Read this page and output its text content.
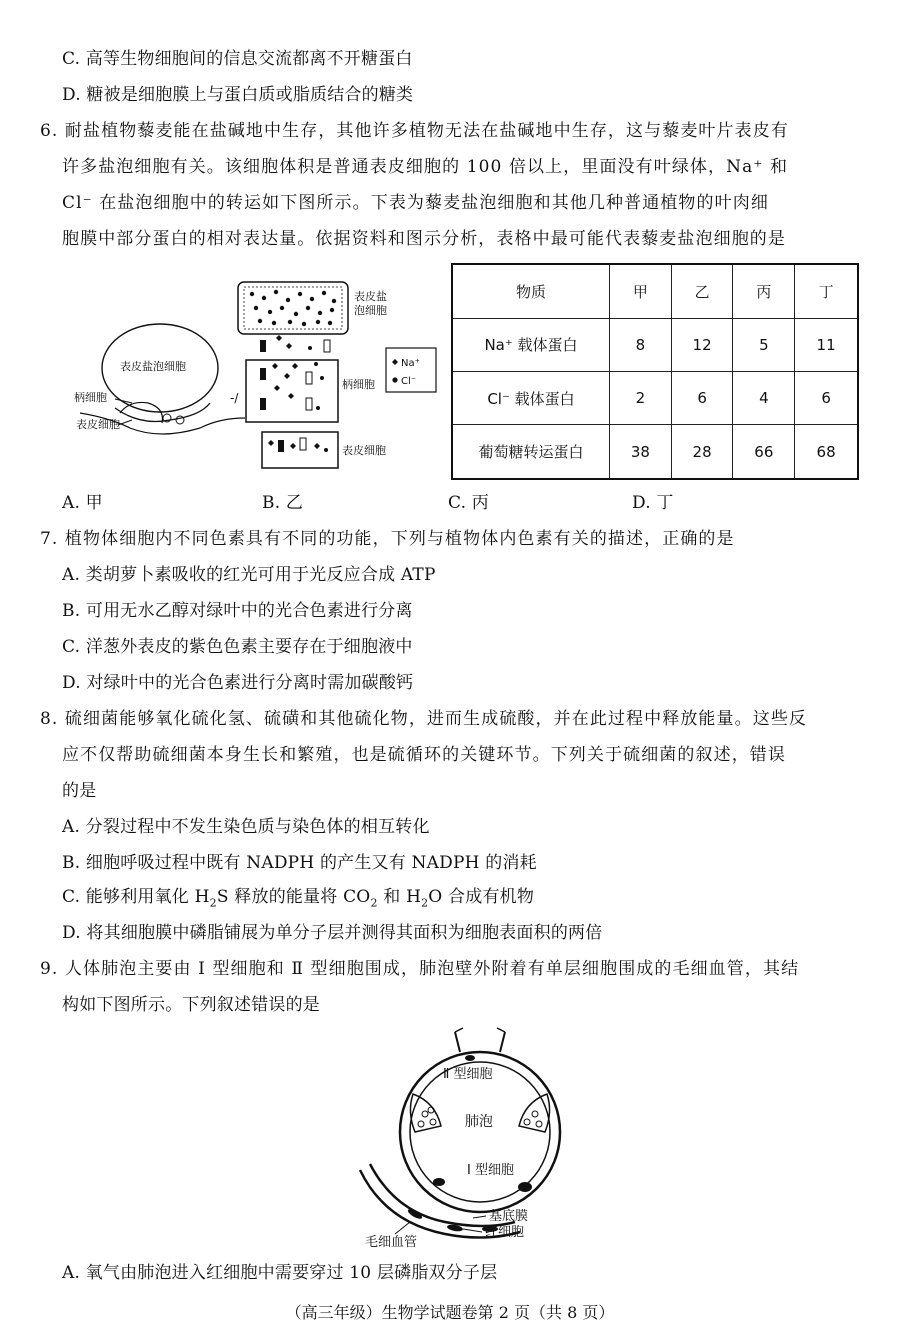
C. 高等生物细胞间的信息交流都离不开糖蛋白
D. 糖被是细胞膜上与蛋白质或脂质结合的糖类
6. 耐盐植物藜麦能在盐碱地中生存，其他许多植物无法在盐碱地中生存，这与藜麦叶片表皮有
许多盐泡细胞有关。该细胞体积是普通表皮细胞的 100 倍以上，里面没有叶绿体，Na⁺ 和
Cl⁻ 在盐泡细胞中的转运如下图所示。下表为藜麦盐泡细胞和其他几种普通植物的叶肉细
胞膜中部分蛋白的相对表达量。依据资料和图示分析，表格中最可能代表藜麦盐泡细胞的是
表皮盐泡细胞
柄细胞
表皮细胞
-/
表皮盐
泡细胞
柄细胞
表皮细胞
Na⁺
Cl⁻
物质	甲	乙	丙	丁
Na⁺ 载体蛋白	8	12	5	11
Cl⁻ 载体蛋白	2	6	4	6
葡萄糖转运蛋白	38	28	66	68
A. 甲	B. 乙	C. 丙	D. 丁
7. 植物体细胞内不同色素具有不同的功能，下列与植物体内色素有关的描述，正确的是
A. 类胡萝卜素吸收的红光可用于光反应合成 ATP
B. 可用无水乙醇对绿叶中的光合色素进行分离
C. 洋葱外表皮的紫色色素主要存在于细胞液中
D. 对绿叶中的光合色素进行分离时需加碳酸钙
8. 硫细菌能够氧化硫化氢、硫磺和其他硫化物，进而生成硫酸，并在此过程中释放能量。这些反
应不仅帮助硫细菌本身生长和繁殖，也是硫循环的关键环节。下列关于硫细菌的叙述，错误
的是
A. 分裂过程中不发生染色质与染色体的相互转化
B. 细胞呼吸过程中既有 NADPH 的产生又有 NADPH 的消耗
C. 能够利用氧化 $H_2S$ 释放的能量将 $CO_2$ 和 $H_2O$ 合成有机物
D. 将其细胞膜中磷脂铺展为单分子层并测得其面积为细胞表面积的两倍
9. 人体肺泡主要由 Ⅰ 型细胞和 Ⅱ 型细胞围成，肺泡壁外附着有单层细胞围成的毛细血管，其结
构如下图所示。下列叙述错误的是
Ⅱ 型细胞
肺泡
Ⅰ 型细胞
基底膜
红细胞
毛细血管
A. 氧气由肺泡进入红细胞中需要穿过 10 层磷脂双分子层
（高三年级）生物学试题卷第 2 页（共 8 页）
